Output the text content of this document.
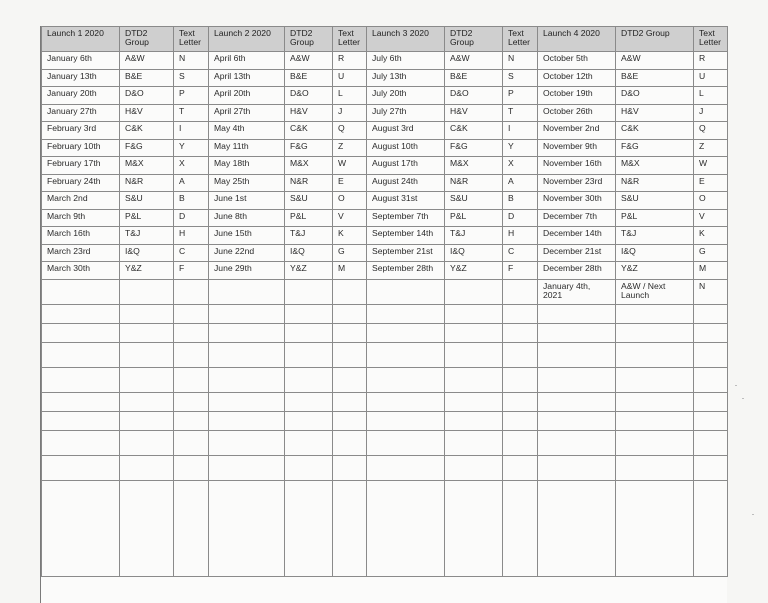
Launch 1 2020	DTD2 Group	Text Letter	Launch 2 2020	DTD2 Group	Text Letter	Launch 3 2020	DTD2 Group	Text Letter	Launch 4 2020	DTD2 Group	Text Letter
January 6th	A&W	N	April 6th	A&W	R	July 6th	A&W	N	October 5th	A&W	R
January 13th	B&E	S	April 13th	B&E	U	July 13th	B&E	S	October 12th	B&E	U
January 20th	D&O	P	April 20th	D&O	L	July 20th	D&O	P	October 19th	D&O	L
January 27th	H&V	T	April 27th	H&V	J	July 27th	H&V	T	October 26th	H&V	J
February 3rd	C&K	I	May 4th	C&K	Q	August 3rd	C&K	I	November 2nd	C&K	Q
February 10th	F&G	Y	May 11th	F&G	Z	August 10th	F&G	Y	November 9th	F&G	Z
February 17th	M&X	X	May 18th	M&X	W	August 17th	M&X	X	November 16th	M&X	W
February 24th	N&R	A	May 25th	N&R	E	August 24th	N&R	A	November 23rd	N&R	E
March 2nd	S&U	B	June 1st	S&U	O	August 31st	S&U	B	November 30th	S&U	O
March 9th	P&L	D	June 8th	P&L	V	September 7th	P&L	D	December 7th	P&L	V
March 16th	T&J	H	June 15th	T&J	K	September 14th	T&J	H	December 14th	T&J	K
March 23rd	I&Q	C	June 22nd	I&Q	G	September 21st	I&Q	C	December 21st	I&Q	G
March 30th	Y&Z	F	June 29th	Y&Z	M	September 28th	Y&Z	F	December 28th	Y&Z	M
									January 4th, 2021	A&W / Next Launch	N
